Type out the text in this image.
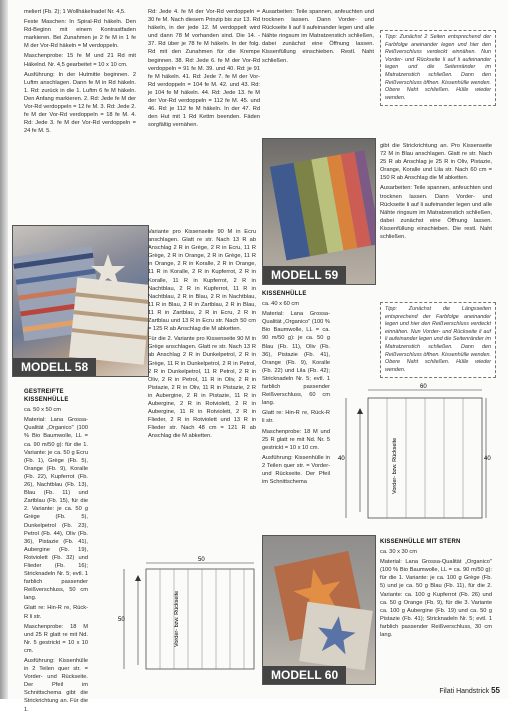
meliert (Fb. 2); 1 Wollhäkelnadel Nr. 4,5.

Feste Maschen: In Spiral-Rd häkeln. Den Rd-Beginn mit einem Kontrastfaden markieren. Bei Zunahmen je 2 fe M in 1 fe M der Vor-Rd häkeln = M verdoppeln.

Maschenprobe: 15 fe M und 21 Rd mit Häkelnd. Nr. 4,5 gearbeitet = 10 x 10 cm.

Ausführung: In der Hutmitte beginnen. 2 Luftm anschlagen. Dann fe M in Rd häkeln. 1. Rd: zurück in die 1. Luftm 6 fe M häkeln. Den Anfang markieren. 2. Rd: Jede fe M der Vor-Rd verdoppeln = 12 fe M. 3. Rd: Jede 2. fe M der Vor-Rd verdoppeln = 18 fe M. 4. Rd: Jede 3. fe M der Vor-Rd verdoppeln = 24 fe M. 5.

Rd: Jede 4. fe M der Vor-Rd verdoppeln = 30 fe M. Nach diesem Prinzip bis zur 13. Rd häkeln, in der jede 12. M verdoppelt wird und dann 78 M vorhanden sind. Die 14. - 37. Rd über je 78 fe M häkeln. In der folg. Rd mit den Zunahmen für die Krempe beginnen. 38. Rd: Jede 6. fe M der Vor-Rd verdoppeln = 91 fe M. 39. und 40. Rd: je 91 fe M häkeln. 41. Rd: Jede 7. fe M der Vor-Rd verdoppeln = 104 fe M. 42. und 43. Rd: je 104 fe M häkeln. 44. Rd: Jede 13. fe M der Vor-Rd verdoppeln = 112 fe M. 45. und 46. Rd: je 112 fe M häkeln. In der 47. Rd den Hut mit 1 Rd Kettm beenden. Fäden sorgfältig vernähen.

Ausarbeiten: Teile spannen, anfeuchten und trocknen lassen. Dann Vorder- und Rückseite li auf li aufeinander legen und alle Nähte ringsum im Matratzenstich schließen, dabei zunächst eine Öffnung lassen. Kissenfüllung einschieben. Restl. Naht schließen.

Tipp: Zunächst 2 Seiten entsprechend der Farbfolge aneinander legen und hier den Reißverschluss verdeckt einnähen. Nun Vorder- und Rückseite li auf li aufeinander legen und die Seitenränder im Matratzenstich schließen. Dann den Reißverschluss öffnen. Kissenhülle wenden. Obere Naht schließen. Hülle wieder wenden.
MODELL 58
MODELL 59

GESTREIFTE KISSENHÜLLE

ca. 50 x 50 cm

Material: Lana Grossa-Qualität „Organico" (100 % Bio Baumwolle, LL = ca. 90 m/50 g): für die 1. Variante: je ca. 50 g Ecru (Fb. 1), Grège (Fb. 5), Orange (Fb. 9), Koralle (Fb. 22), Kupferrot (Fb. 26), Nachtblau (Fb. 13), Blau (Fb. 11) und Zartblau (Fb. 15), für die 2. Variante: je ca. 50 g Grège (Fb. 5), Dunkelpetrol (Fb. 23), Petrol (Fb. 44), Oliv (Fb. 36), Pistazie (Fb. 41), Aubergine (Fb. 19), Rotviolett (Fb. 32) und Flieder (Fb. 16); Stricknadeln Nr. 5; evtl. 1 farblich passender Reißverschluss, 50 cm lang.

Glatt re: Hin-R re, Rück-R li str.

Maschenprobe: 18 M und 25 R glatt re mit Nd. Nr. 5 gestrickt = 10 x 10 cm.

Ausführung: Kissenhülle in 2 Teilen quer str. = Vorder- und Rückseite. Der Pfeil im Schnittschema gibt die Strickrichtung an. Für die 1.

Variante pro Kissenseite 90 M in Ecru anschlagen. Glatt re str. Nach 13 R ab Anschlag 2 R in Grège, 2 R in Ecru, 11 R Grège, 2 R in Orange, 2 R in Grège, 11 R in Orange, 2 R in Koralle, 2 R in Orange, 11 R in Koralle, 2 R in Kupferrot, 2 R in Koralle, 11 R in Kupferrot, 2 R in Nachtblau, 2 R in Kupferrot, 11 R in Nachtblau, 2 R in Blau, 2 R in Nachtblau, 11 R in Blau, 2 R in Zartblau, 2 R in Blau, 11 R in Zartblau, 2 R in Ecru, 2 R in Zartblau und 13 R in Ecru str. Nach 50 cm = 125 R ab Anschlag die M abketten.

Für die 2. Variante pro Kissenseite 90 M in Grège anschlagen. Glatt re str. Nach 13 R ab Anschlag 2 R in Dunkelpetrol, 2 R in Grège, 11 R in Dunkelpetrol, 2 R in Petrol, 2 R in Dunkelpetrol, 11 R Petrol, 2 R in Oliv, 2 R in Petrol, 11 R in Oliv, 2 R in Pistazie, 2 R in Oliv, 11 R in Pistazie, 2 R in Aubergine, 2 R in Pistazie, 11 R in Aubergine, 2 R in Rotviolett, 2 R in Aubergine, 11 R in Rotviolett, 2 R in Flieder, 2 R in Rotviolett und 13 R in Flieder str. Nach 48 cm = 121 R ab Anschlag die M abketten.

50
50	Vorder- bzw. Rückseite

KISSENHÜLLE

ca. 40 x 60 cm

Material: Lana Grossa-Qualität „Organico" (100 % Bio Baumwolle, LL = ca. 90 m/50 g): je ca. 50 g Blau (Fb. 11), Oliv (Fb. 36), Pistazie (Fb. 41), Orange (Fb. 9), Koralle (Fb. 22) und Lila (Fb. 42); Stricknadeln Nr. 5; evtl. 1 farblich passender Reißverschluss, 60 cm lang.

Glatt re: Hin-R re, Rück-R li str.

Maschenprobe: 18 M und 25 R glatt re mit Nd. Nr. 5 gestrickt = 10 x 10 cm.

Ausführung: Kissenhülle in 2 Teilen quer str. = Vorder- und Rückseite. Der Pfeil im Schnittschema

gibt die Strickrichtung an. Pro Kissenseite 72 M in Blau anschlagen. Glatt re str. Nach 25 R ab Anschlag je 25 R in Oliv, Pistazie, Orange, Koralle und Lila str. Nach 60 cm = 150 R ab Anschlag die M abketten.

Ausarbeiten: Teile spannen, anfeuchten und trocknen lassen. Dann Vorder- und Rückseite li auf li aufeinander legen und alle Nähte ringsum im Matratzenstich schließen, dabei zunächst eine Öffnung lassen. Kissenfüllung einschieben. Die restl. Naht schließen.

Tipp: Zunächst die Längsseiten entsprechend der Farbfolge aneinander legen und hier den Reißverschluss verdeckt einnähen. Nun Vorder- und Rückseite li auf li aufeinander legen und die Seitenränder im Matratzenstich schließen. Dann den Reißverschluss öffnen. Kissenhülle wenden. Obere Naht schließen. Hülle wieder wenden.
60
40	40
Vorder- bzw. Rückseite
MODELL 60

KISSENHÜLLE MIT STERN

ca. 30 x 30 cm

Material: Lana Grossa-Qualität „Organico" (100 % Bio Baumwolle, LL = ca. 90 m/50 g): für die 1. Variante: je ca. 100 g Grège (Fb. 5) und je ca. 50 g Blau (Fb. 11), für die 2. Variante: ca. 100 g Kupferrot (Fb. 26) und ca. 50 g Orange (Fb. 9), für die 3. Variante ca. 100 g Aubergine (Fb. 19) und ca. 50 g Pistazie (Fb. 41); Stricknadeln Nr. 5; evtl. 1 farblich passender Reißverschluss, 30 cm lang.

Filati Handstrick 55
